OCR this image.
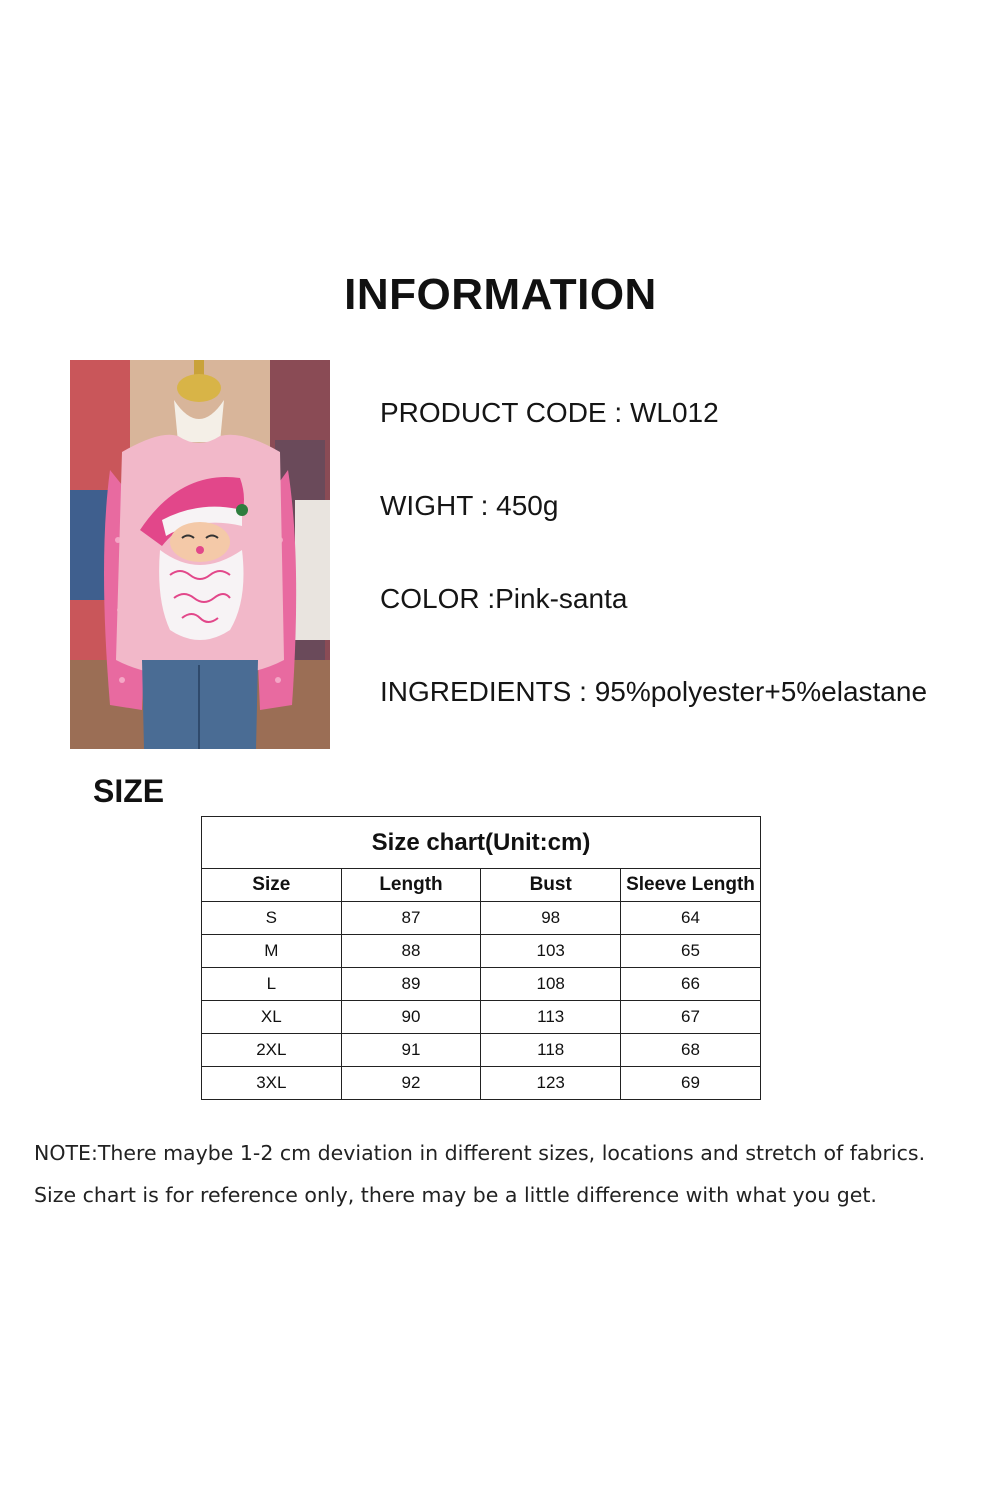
INFORMATION
PRODUCT CODE : WL012
WIGHT : 450g
COLOR :Pink-santa
INGREDIENTS : 95%polyester+5%elastane
SIZE
Size chart(Unit:cm)			
Size	Length	Bust	Sleeve Length
S	87	98	64
M	88	103	65
L	89	108	66
XL	90	113	67
2XL	91	118	68
3XL	92	123	69
NOTE:There maybe 1-2 cm deviation in different sizes, locations and stretch of fabrics.
Size chart is for reference only, there may be a little difference with what you get.
